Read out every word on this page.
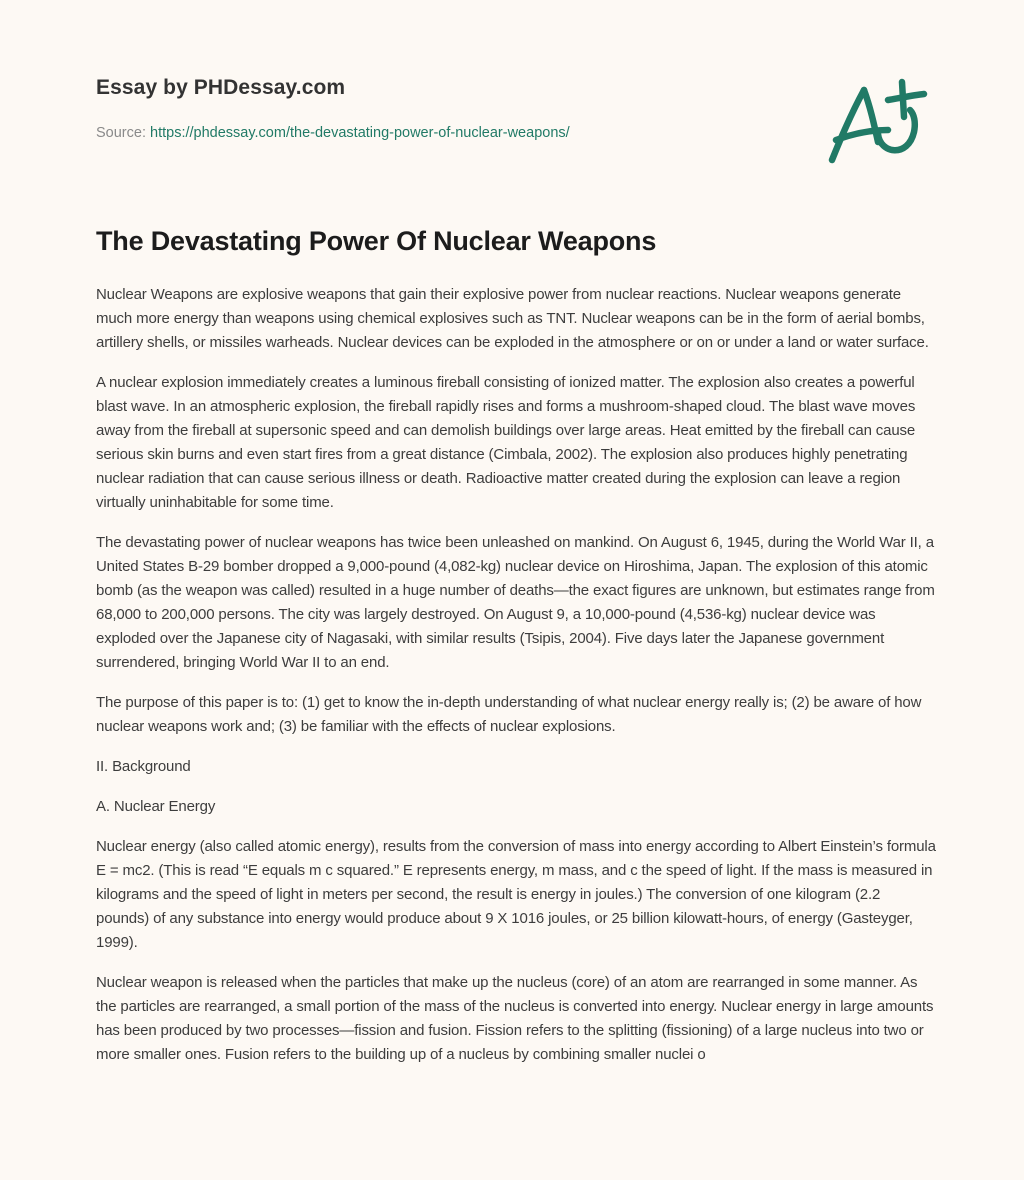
Essay by PHDessay.com
Source: https://phdessay.com/the-devastating-power-of-nuclear-weapons/
The Devastating Power Of Nuclear Weapons

Nuclear Weapons are explosive weapons that gain their explosive power from nuclear reactions. Nuclear weapons generate much more energy than weapons using chemical explosives such as TNT. Nuclear weapons can be in the form of aerial bombs, artillery shells, or missiles warheads. Nuclear devices can be exploded in the atmosphere or on or under a land or water surface.

A nuclear explosion immediately creates a luminous fireball consisting of ionized matter. The explosion also creates a powerful blast wave. In an atmospheric explosion, the fireball rapidly rises and forms a mushroom-shaped cloud. The blast wave moves away from the fireball at supersonic speed and can demolish buildings over large areas. Heat emitted by the fireball can cause serious skin burns and even start fires from a great distance (Cimbala, 2002). The explosion also produces highly penetrating nuclear radiation that can cause serious illness or death. Radioactive matter created during the explosion can leave a region virtually uninhabitable for some time.

The devastating power of nuclear weapons has twice been unleashed on mankind. On August 6, 1945, during the World War II, a United States B-29 bomber dropped a 9,000-pound (4,082-kg) nuclear device on Hiroshima, Japan. The explosion of this atomic bomb (as the weapon was called) resulted in a huge number of deaths—the exact figures are unknown, but estimates range from 68,000 to 200,000 persons. The city was largely destroyed. On August 9, a 10,000-pound (4,536-kg) nuclear device was exploded over the Japanese city of Nagasaki, with similar results (Tsipis, 2004). Five days later the Japanese government surrendered, bringing World War II to an end.

The purpose of this paper is to: (1) get to know the in-depth understanding of what nuclear energy really is; (2) be aware of how nuclear weapons work and; (3) be familiar with the effects of nuclear explosions.

II. Background

A. Nuclear Energy

Nuclear energy (also called atomic energy), results from the conversion of mass into energy according to Albert Einstein’s formula E = mc2. (This is read “E equals m c squared.” E represents energy, m mass, and c the speed of light. If the mass is measured in kilograms and the speed of light in meters per second, the result is energy in joules.) The conversion of one kilogram (2.2 pounds) of any substance into energy would produce about 9 X 1016 joules, or 25 billion kilowatt-hours, of energy (Gasteyger, 1999).

Nuclear weapon is released when the particles that make up the nucleus (core) of an atom are rearranged in some manner. As the particles are rearranged, a small portion of the mass of the nucleus is converted into energy. Nuclear energy in large amounts has been produced by two processes—fission and fusion. Fission refers to the splitting (fissioning) of a large nucleus into two or more smaller ones. Fusion refers to the building up of a nucleus by combining smaller nuclei o
